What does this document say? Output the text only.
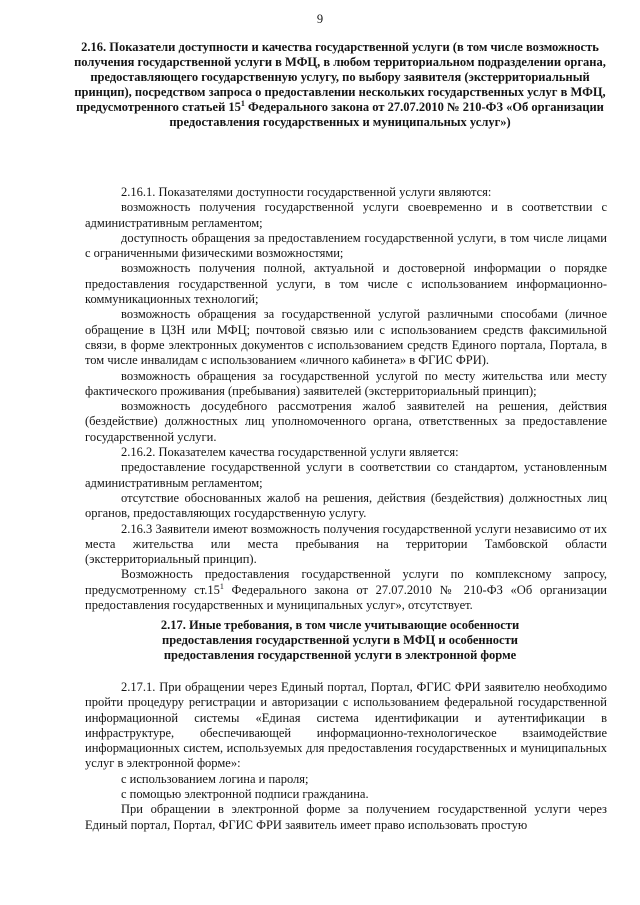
9
2.16. Показатели доступности и качества государственной услуги (в том числе возможность получения государственной услуги в МФЦ, в любом территориальном подразделении органа, предоставляющего государственную услугу, по выбору заявителя (экстерриториальный принцип), посредством запроса о предоставлении нескольких государственных услуг в МФЦ, предусмотренного статьей $15^1$ Федерального закона от 27.07.2010 № 210-ФЗ «Об организации предоставления государственных и муниципальных услуг»)

2.16.1. Показателями доступности государственной услуги являются:

возможность получения государственной услуги своевременно и в соответствии с административным регламентом;

доступность обращения за предоставлением государственной услуги, в том числе лицами с ограниченными физическими возможностями;

возможность получения полной, актуальной и достоверной информации о порядке предоставления государственной услуги, в том числе с использованием информационно-коммуникационных технологий;

возможность обращения за государственной услугой различными способами (личное обращение в ЦЗН или МФЦ; почтовой связью или с использованием средств факсимильной связи, в форме электронных документов с использованием средств Единого портала, Портала, в том числе инвалидам с использованием «личного кабинета» в ФГИС ФРИ).

возможность обращения за государственной услугой по месту жительства или месту фактического проживания (пребывания) заявителей (экстерриториальный принцип);

возможность досудебного рассмотрения жалоб заявителей на решения, действия (бездействие) должностных лиц уполномоченного органа, ответственных за предоставление государственной услуги.

2.16.2. Показателем качества государственной услуги является:

предоставление государственной услуги в соответствии со стандартом, установленным административным регламентом;

отсутствие обоснованных жалоб на решения, действия (бездействия) должностных лиц органов, предоставляющих государственную услугу.

2.16.3 Заявители имеют возможность получения государственной услуги независимо от их места жительства или места пребывания на территории Тамбовской области (экстерриториальный принцип).

Возможность предоставления государственной услуги по комплексному запросу, предусмотренному $ст.15^1$ Федерального закона от 27.07.2010 № 210-ФЗ «Об организации предоставления государственных и муниципальных услуг», отсутствует.

2.17. Иные требования, в том числе учитывающие особенности предоставления государственной услуги в МФЦ и особенности предоставления государственной услуги в электронной форме

2.17.1. При обращении через Единый портал, Портал, ФГИС ФРИ заявителю необходимо пройти процедуру регистрации и авторизации с использованием федеральной государственной информационной системы «Единая система идентификации и аутентификации в инфраструктуре, обеспечивающей информационно-технологическое взаимодействие информационных систем, используемых для предоставления государственных и муниципальных услуг в электронной форме»:

с использованием логина и пароля;

с помощью электронной подписи гражданина.

При обращении в электронной форме за получением государственной услуги через Единый портал, Портал, ФГИС ФРИ заявитель имеет право использовать простую
